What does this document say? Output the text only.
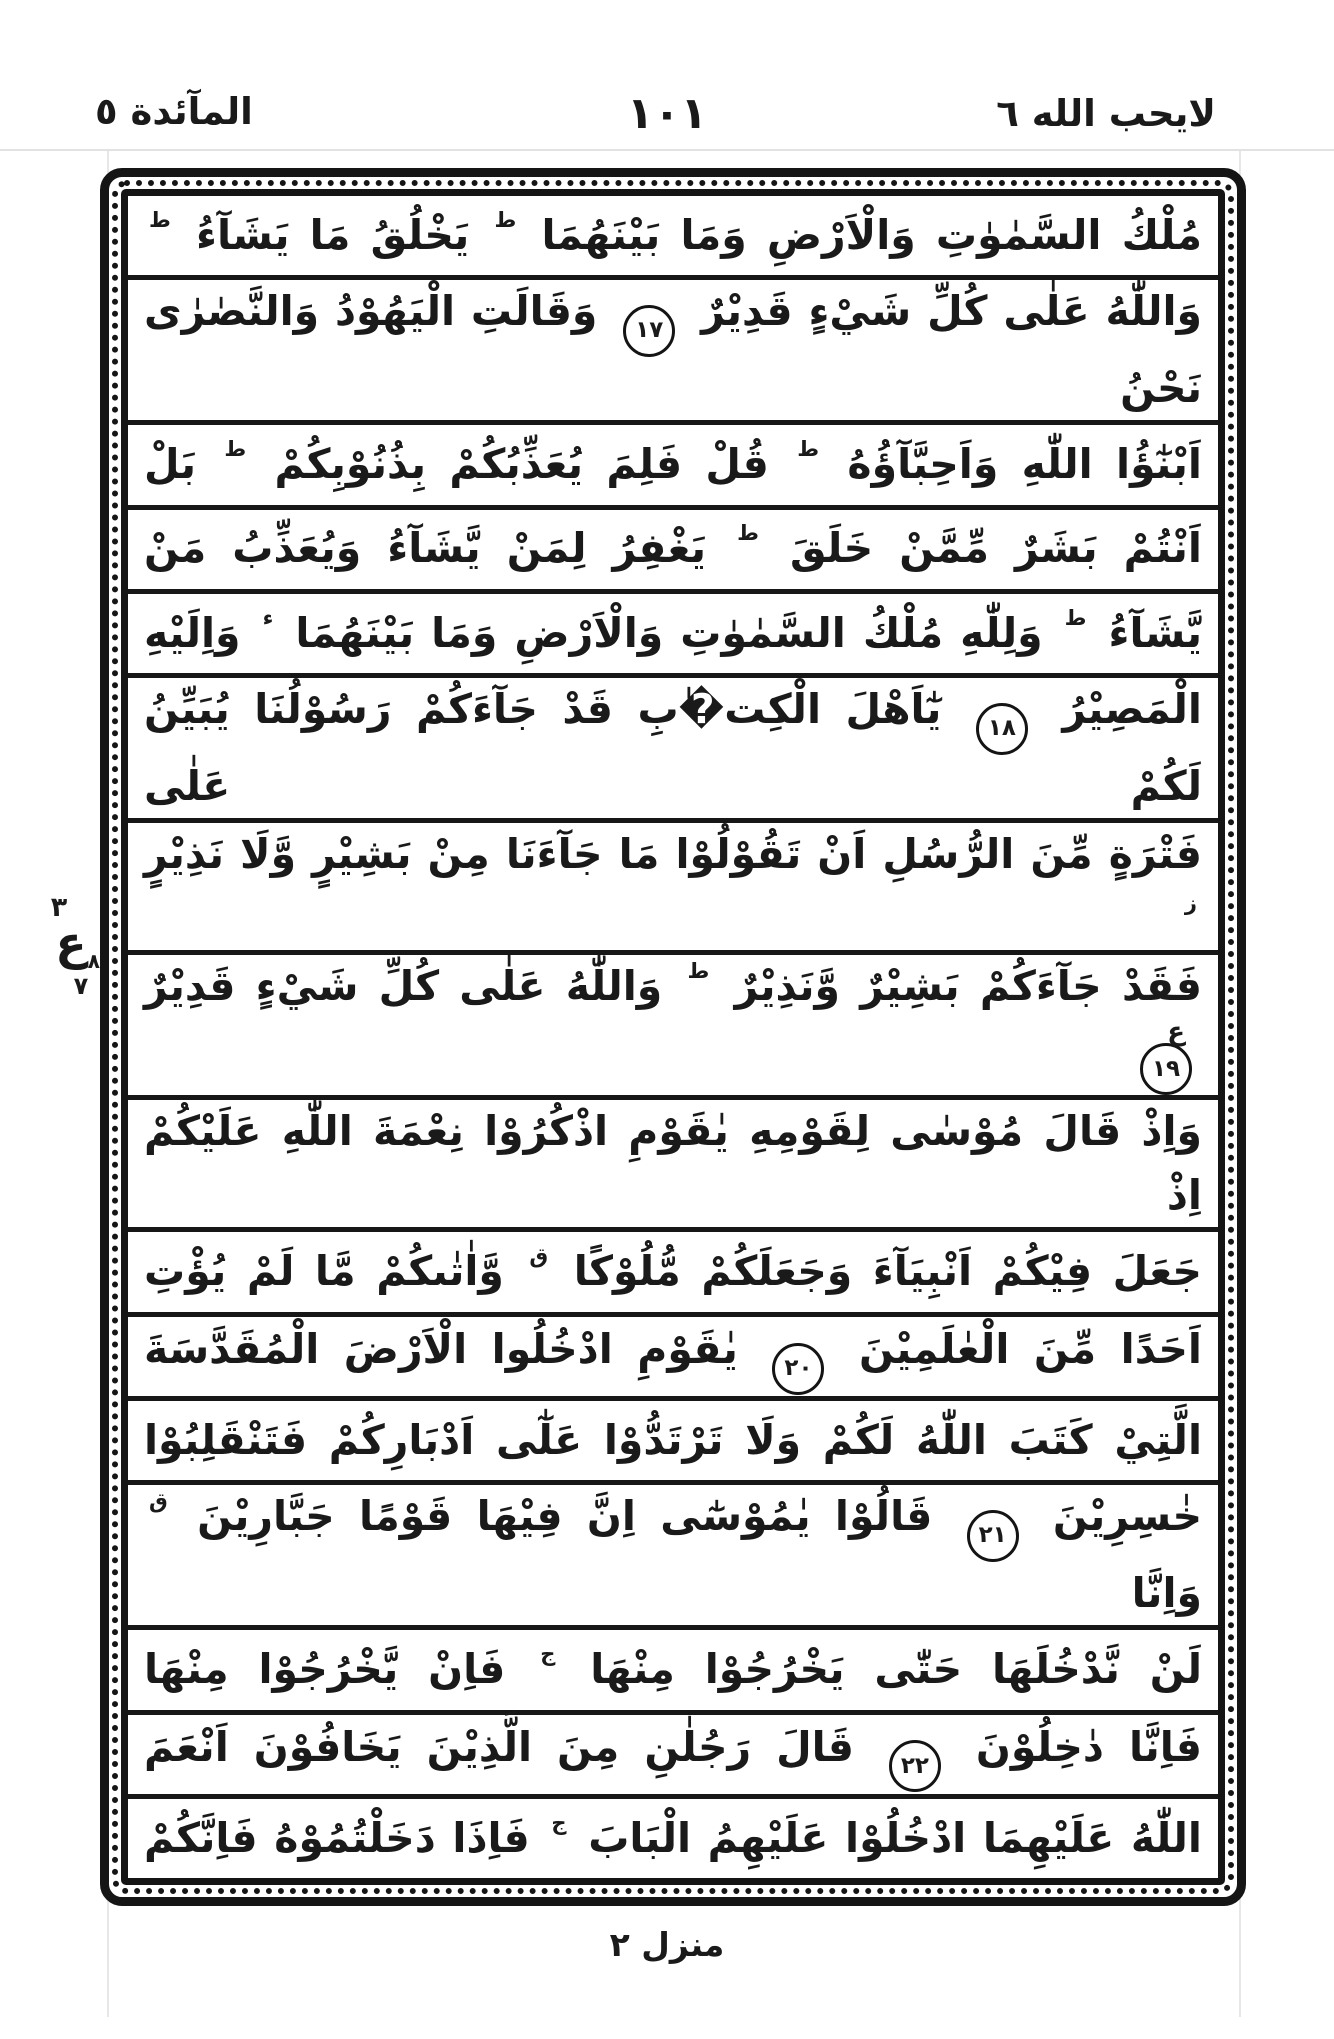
لايحب الله ٦
١٠١
المآئدة ٥
مُلْكُ السَّمٰوٰتِ وَالْاَرْضِ وَمَا بَيْنَهُمَا $^ط$ يَخْلُقُ مَا يَشَآءُ $^ط$
وَاللّٰهُ عَلٰى كُلِّ شَيْءٍ قَدِيْرٌ
١٧
وَقَالَتِ الْيَهُوْدُ وَالنَّصٰرٰى نَحْنُ
اَبْنٰٓؤُا اللّٰهِ وَاَحِبَّآؤُهُ $^ط$ قُلْ فَلِمَ يُعَذِّبُكُمْ بِذُنُوْبِكُمْ $^ط$ بَلْ
اَنْتُمْ بَشَرٌ مِّمَّنْ خَلَقَ $^ط$ يَغْفِرُ لِمَنْ يَّشَآءُ وَيُعَذِّبُ مَنْ
يَّشَآءُ $^ط$ وَلِلّٰهِ مُلْكُ السَّمٰوٰتِ وَالْاَرْضِ وَمَا بَيْنَهُمَا $^ء$ وَاِلَيْهِ
الْمَصِيْرُ
١٨
يٰٓاَهْلَ الْكِت�ٰبِ قَدْ جَآءَكُمْ رَسُوْلُنَا يُبَيِّنُ لَكُمْ عَلٰى
فَتْرَةٍ مِّنَ الرُّسُلِ اَنْ تَقُوْلُوْا مَا جَآءَنَا مِنْ بَشِيْرٍ وَّلَا نَذِيْرٍ $^ز$
فَقَدْ جَآءَكُمْ بَشِيْرٌ وَّنَذِيْرٌ $^ط$ وَاللّٰهُ عَلٰى كُلِّ شَيْءٍ قَدِيْرٌ
ع
١٩
وَاِذْ قَالَ مُوْسٰى لِقَوْمِهِ يٰقَوْمِ اذْكُرُوْا نِعْمَةَ اللّٰهِ عَلَيْكُمْ اِذْ
جَعَلَ فِيْكُمْ اَنْبِيَآءَ وَجَعَلَكُمْ مُّلُوْكًا $^ق$ وَّاٰتٰىكُمْ مَّا لَمْ يُؤْتِ
اَحَدًا مِّنَ الْعٰلَمِيْنَ
٢٠
يٰقَوْمِ ادْخُلُوا الْاَرْضَ الْمُقَدَّسَةَ
الَّتِيْ كَتَبَ اللّٰهُ لَكُمْ وَلَا تَرْتَدُّوْا عَلٰٓى اَدْبَارِكُمْ فَتَنْقَلِبُوْا
خٰسِرِيْنَ
٢١
قَالُوْا يٰمُوْسٰٓى اِنَّ فِيْهَا قَوْمًا جَبَّارِيْنَ $^ق$ وَاِنَّا
لَنْ نَّدْخُلَهَا حَتّٰى يَخْرُجُوْا مِنْهَا $^ج$ فَاِنْ يَّخْرُجُوْا مِنْهَا
فَاِنَّا دٰخِلُوْنَ
٢٢
قَالَ رَجُلٰنِ مِنَ الَّذِيْنَ يَخَافُوْنَ اَنْعَمَ
اللّٰهُ عَلَيْهِمَا ادْخُلُوْا عَلَيْهِمُ الْبَابَ $^ج$ فَاِذَا دَخَلْتُمُوْهُ فَاِنَّكُمْ
٣
ع ٨
٧
منزل ٢
